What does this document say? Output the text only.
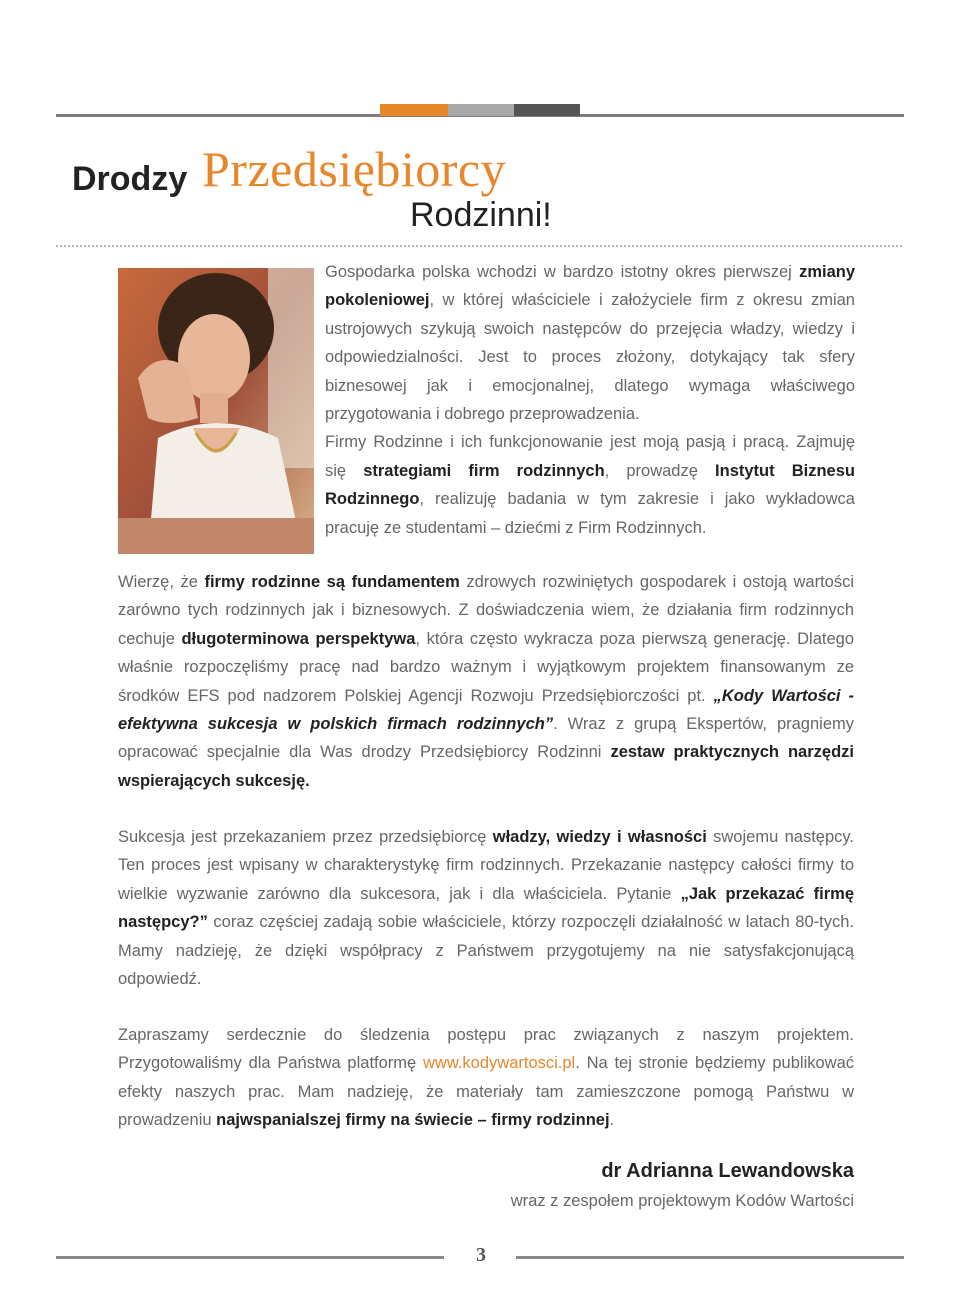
Drodzy Przedsiębiorcy
Rodzinni!

Gospodarka polska wchodzi w bardzo istotny okres pierwszej zmiany pokoleniowej, w której właściciele i założyciele firm z okresu zmian ustrojowych szykują swoich następców do przejęcia władzy, wiedzy i odpowiedzialności. Jest to proces złożony, dotykający tak sfery biznesowej jak i emocjonalnej, dlatego wymaga właściwego przygotowania i dobrego przeprowadzenia.

Firmy Rodzinne i ich funkcjonowanie jest moją pasją i pracą. Zajmuję się strategiami firm rodzinnych, prowadzę Instytut Biznesu Rodzinnego, realizuję badania w tym zakresie i jako wykładowca pracuję ze studentami – dziećmi z Firm Rodzinnych.

Wierzę, że firmy rodzinne są fundamentem zdrowych rozwiniętych gospodarek i ostoją wartości zarówno tych rodzinnych jak i biznesowych. Z doświadczenia wiem, że działania firm rodzinnych cechuje długoterminowa perspektywa, która często wykracza poza pierwszą generację. Dlatego właśnie rozpoczęliśmy pracę nad bardzo ważnym i wyjątkowym projektem finansowanym ze środków EFS pod nadzorem Polskiej Agencji Rozwoju Przedsiębiorczości pt. „Kody Wartości - efektywna sukcesja w polskich firmach rodzinnych”. Wraz z grupą Ekspertów, pragniemy opracować specjalnie dla Was drodzy Przedsiębiorcy Rodzinni zestaw praktycznych narzędzi wspierających sukcesję.

Sukcesja jest przekazaniem przez przedsiębiorcę władzy, wiedzy i własności swojemu następcy. Ten proces jest wpisany w charakterystykę firm rodzinnych. Przekazanie następcy całości firmy to wielkie wyzwanie zarówno dla sukcesora, jak i dla właściciela. Pytanie „Jak przekazać firmę następcy?” coraz częściej zadają sobie właściciele, którzy rozpoczęli działalność w latach 80-tych. Mamy nadzieję, że dzięki współpracy z Państwem przygotujemy na nie satysfakcjonującą odpowiedź.

Zapraszamy serdecznie do śledzenia postępu prac związanych z naszym projektem. Przygotowaliśmy dla Państwa platformę www.kodywartosci.pl. Na tej stronie będziemy publikować efekty naszych prac. Mam nadzieję, że materiały tam zamieszczone pomogą Państwu w prowadzeniu najwspanialszej firmy na świecie – firmy rodzinnej.

dr Adrianna Lewandowska
wraz z zespołem projektowym Kodów Wartości
3
